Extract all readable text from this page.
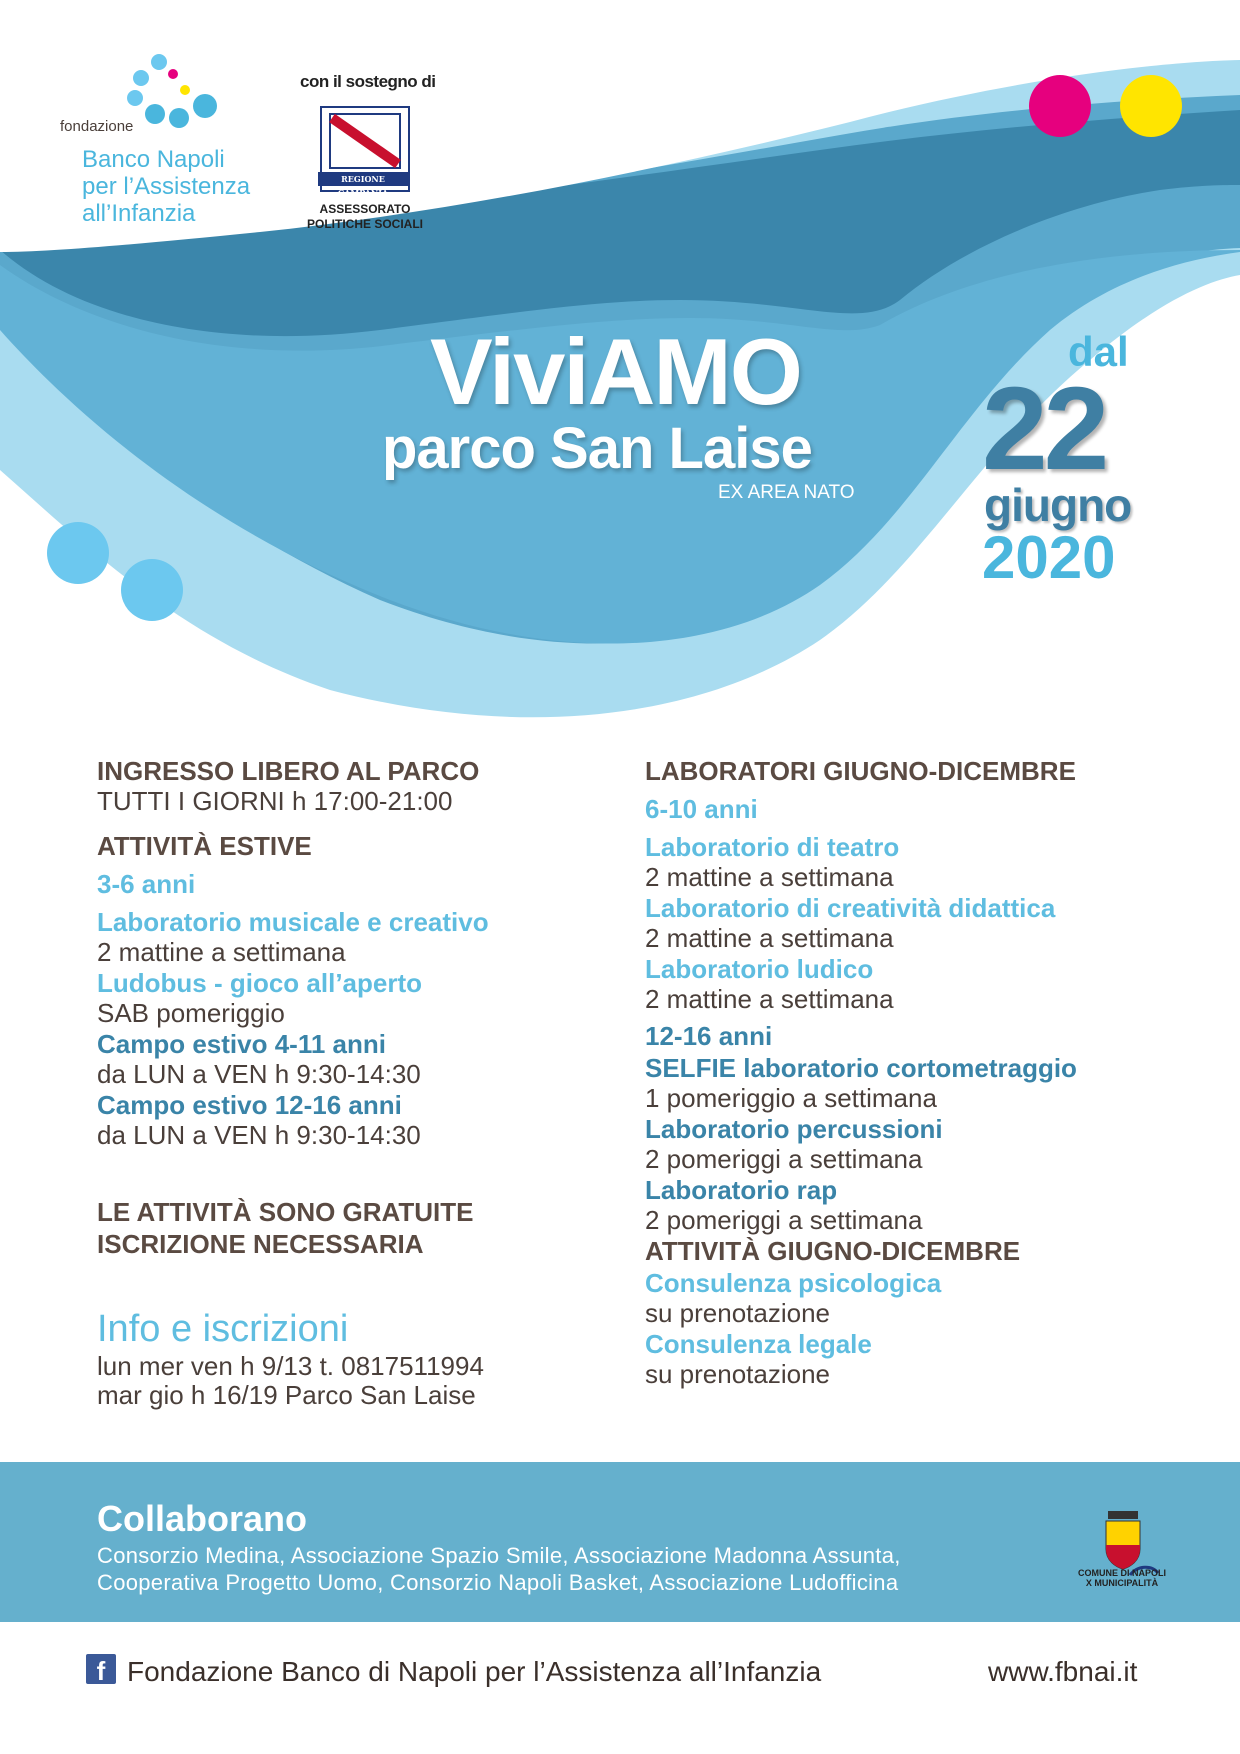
fondazione
Banco Napoli
per l’Assistenza
all’Infanzia
con il sostegno di
REGIONE CAMPANIA
ASSESSORATO
POLITICHE SOCIALI
ViviAMO
parco San Laise
EX AREA NATO
dal
22
giugno
2020
INGRESSO LIBERO AL PARCO
TUTTI I GIORNI h 17:00-21:00
ATTIVITÀ ESTIVE
3-6 anni
Laboratorio musicale e creativo
2 mattine a settimana
Ludobus - gioco all’aperto
SAB pomeriggio
Campo estivo 4-11 anni
da LUN a VEN h 9:30-14:30
Campo estivo 12-16 anni
da LUN a VEN h 9:30-14:30
LE ATTIVITÀ SONO GRATUITE
ISCRIZIONE NECESSARIA
Info e iscrizioni
lun mer ven h 9/13 t. 0817511994
mar gio h 16/19 Parco San Laise
LABORATORI GIUGNO-DICEMBRE
6-10 anni
Laboratorio di teatro
2 mattine a settimana
Laboratorio di creatività didattica
2 mattine a settimana
Laboratorio ludico
2 mattine a settimana
12-16 anni
SELFIE laboratorio cortometraggio
1 pomeriggio a settimana
Laboratorio percussioni
2 pomeriggi a settimana
Laboratorio rap
2 pomeriggi a settimana
ATTIVITÀ GIUGNO-DICEMBRE
Consulenza psicologica
su prenotazione
Consulenza legale
su prenotazione
Collaborano
Consorzio Medina, Associazione Spazio Smile, Associazione Madonna Assunta,
Cooperativa Progetto Uomo, Consorzio Napoli Basket, Associazione Ludofficina	COMUNE DI NAPOLI
X MUNICIPALITÀ
f Fondazione Banco di Napoli per l’Assistenza all’Infanzia	www.fbnai.it
